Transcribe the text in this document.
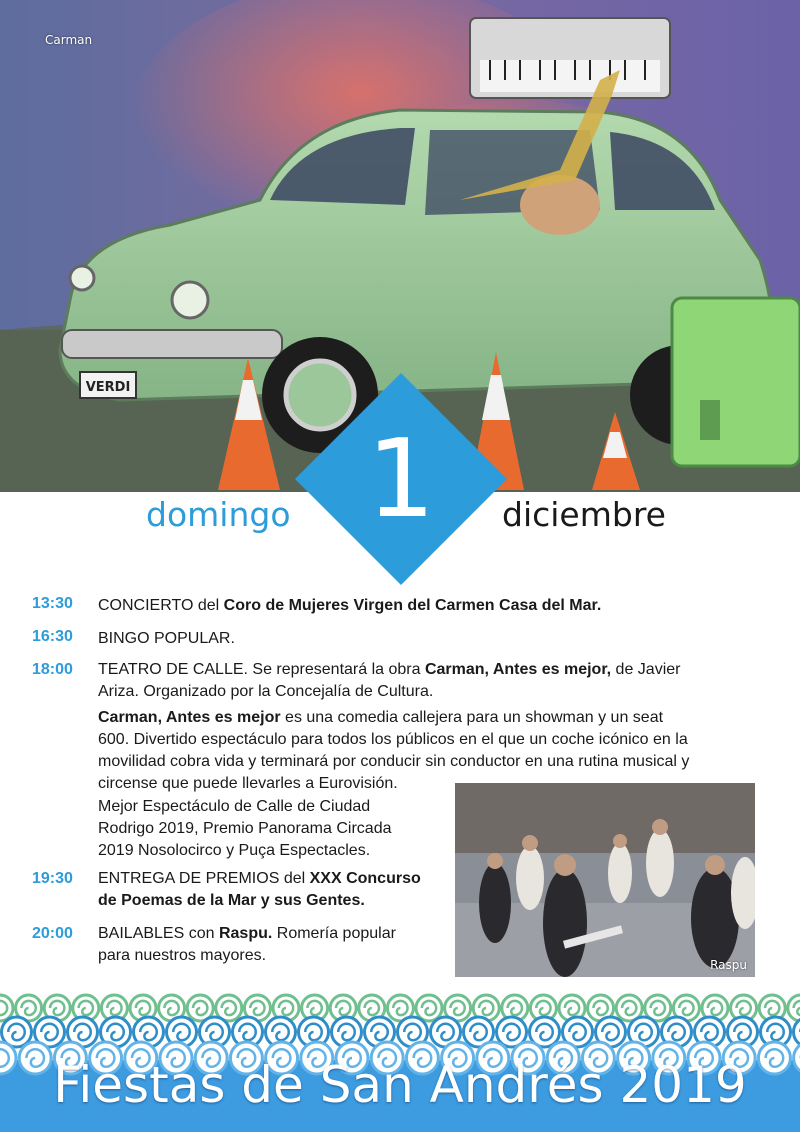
VERDI
Carman
1
domingo	diciembre
13:30	CONCIERTO del Coro de Mujeres Virgen del Carmen Casa del Mar.
16:30	BINGO POPULAR.
18:00	TEATRO DE CALLE. Se representará la obra Carman, Antes es mejor, de Javier
Ariza. Organizado por la Concejalía de Cultura.
Carman, Antes es mejor es una comedia callejera para un showman y un seat
600. Divertido espectáculo para todos los públicos en el que un coche icónico en la
movilidad cobra vida y terminará por conducir sin conductor en una rutina musical y
circense que puede llevarles a Eurovisión.
Mejor Espectáculo de Calle de Ciudad
Rodrigo 2019, Premio Panorama Circada
2019 Nosolocirco y Puça Espectacles.
19:30	ENTREGA DE PREMIOS del XXX Concurso
de Poemas de la Mar y sus Gentes.
20:00	BAILABLES con Raspu. Romería popular
para nuestros mayores.
Raspu
Fiestas de San Andrés 2019
